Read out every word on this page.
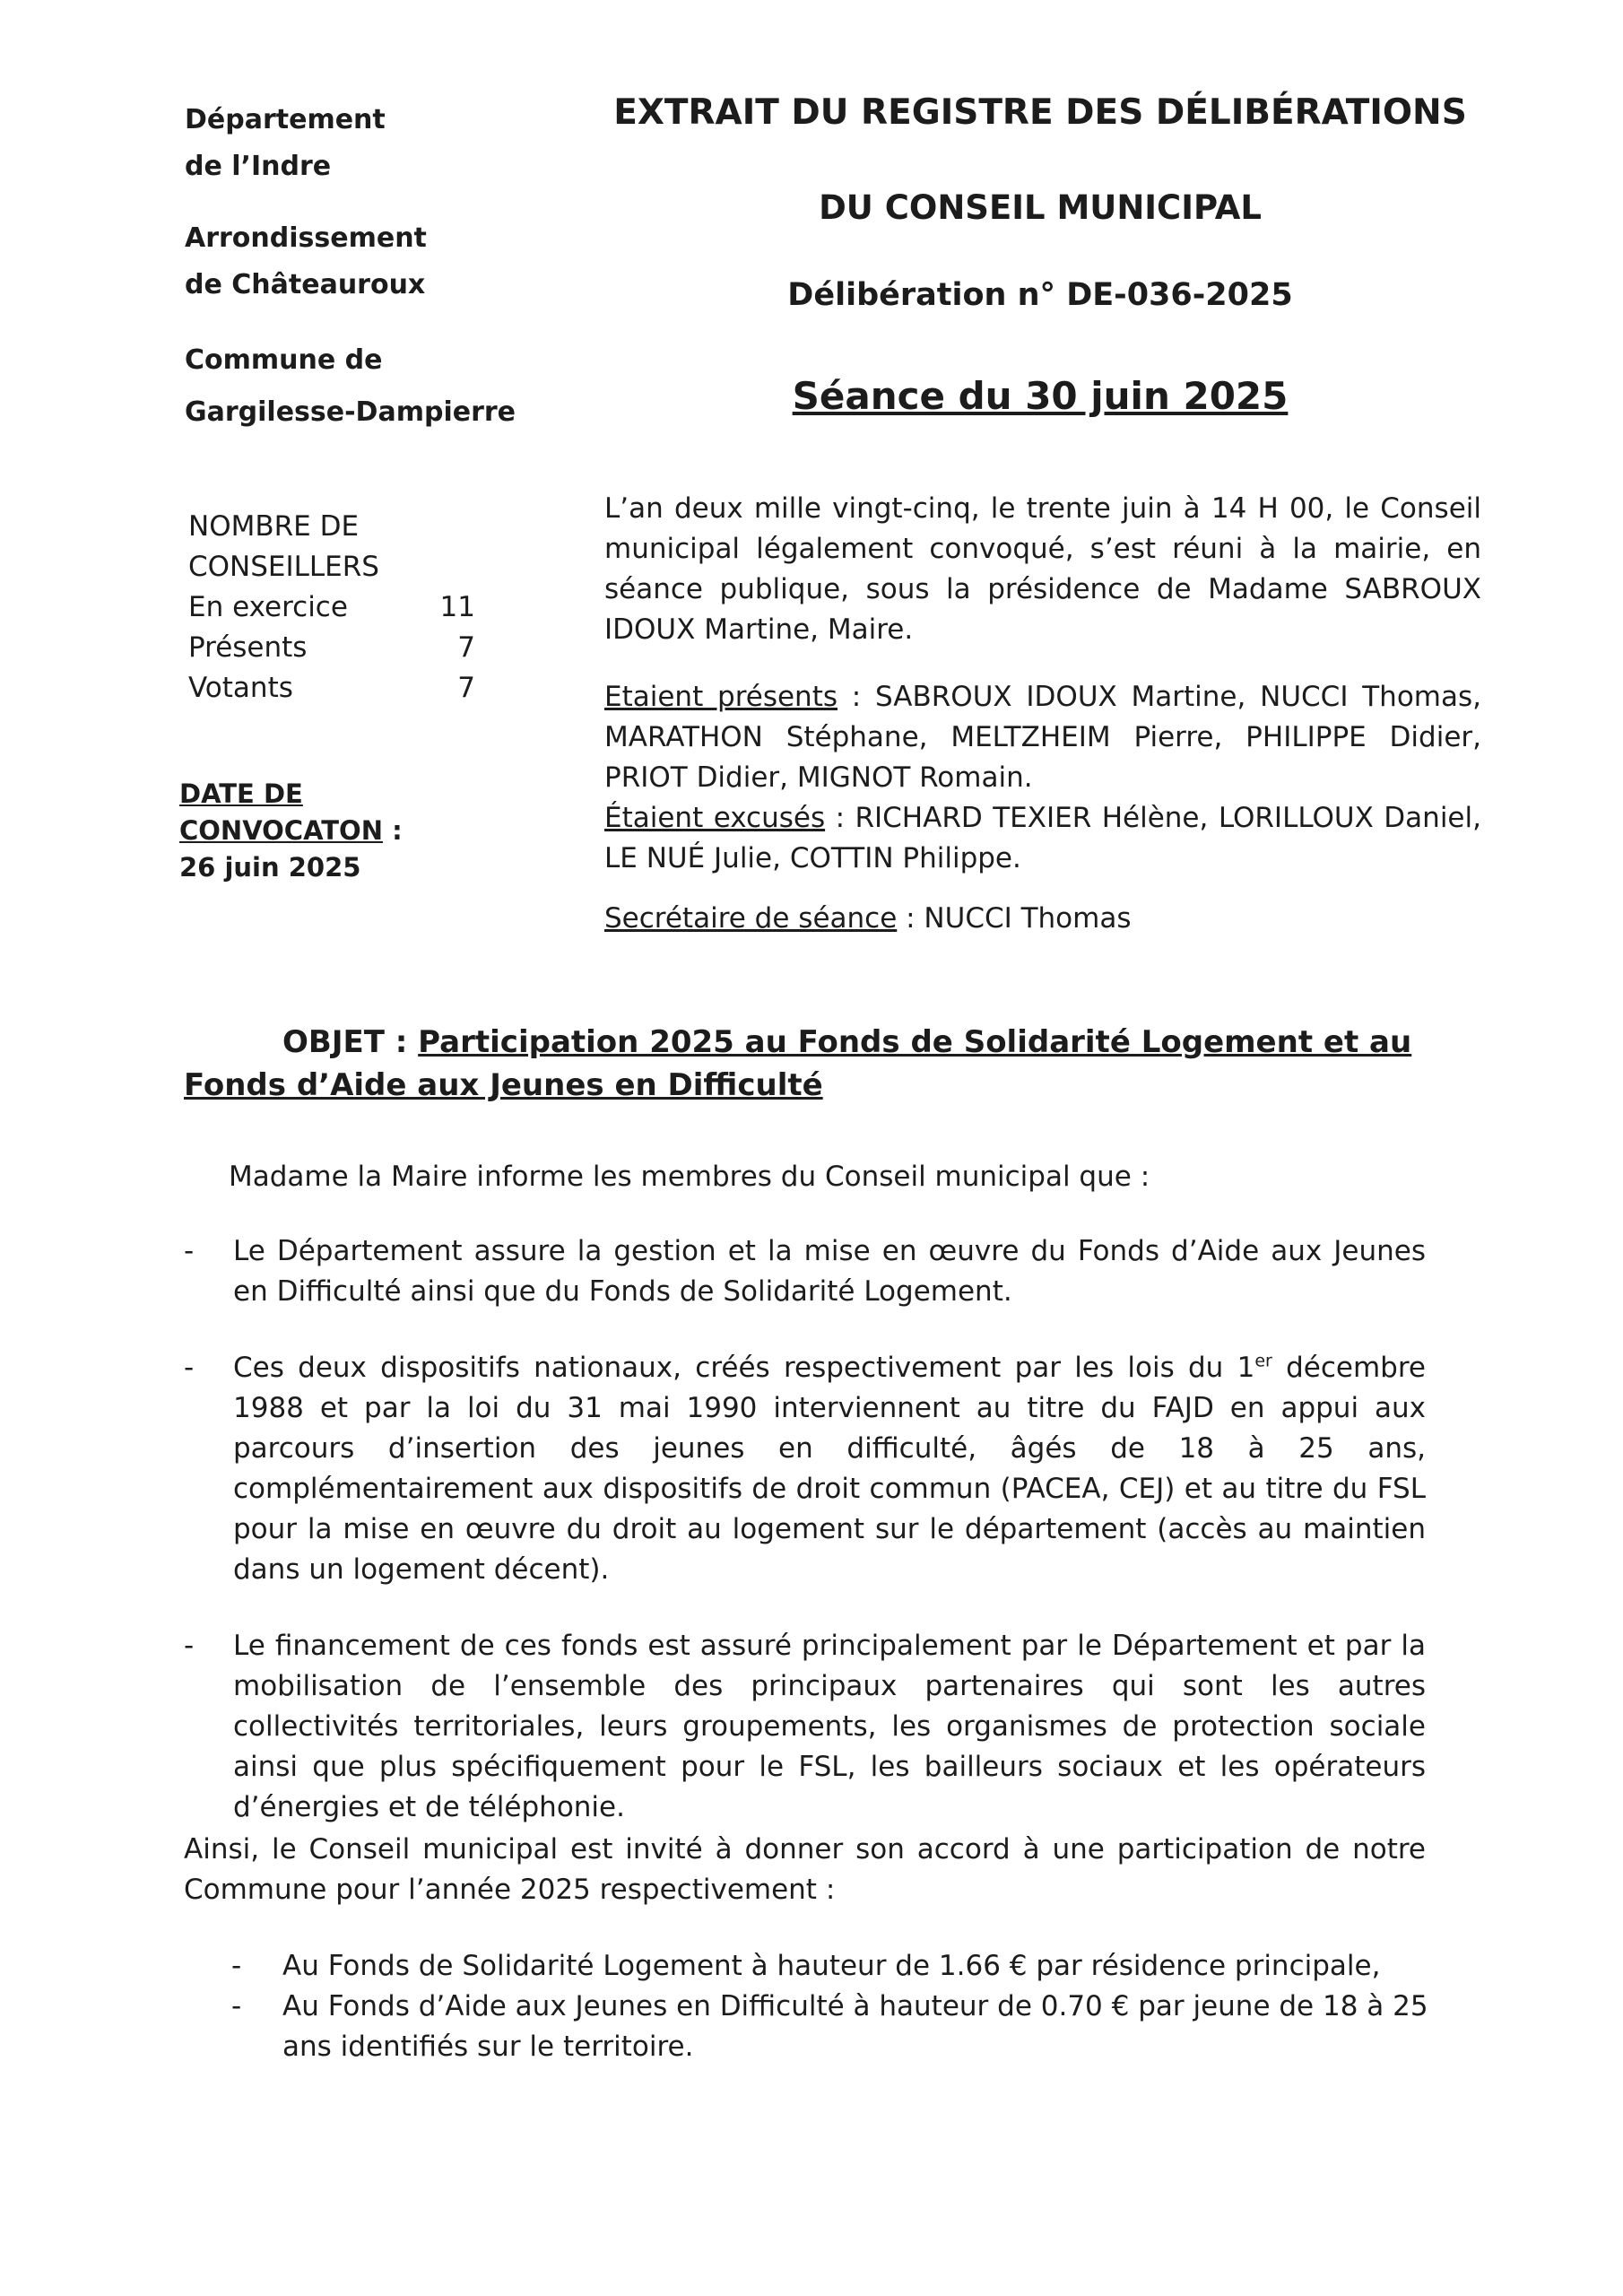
Département
de l’Indre
Arrondissement
de Châteauroux
Commune de
Gargilesse-Dampierre
EXTRAIT DU REGISTRE DES DÉLIBÉRATIONS
DU CONSEIL MUNICIPAL
Délibération n° DE-036-2025
Séance du 30 juin 2025
NOMBRE DE
CONSEILLERS
En exercice	11
Présents	7
Votants	7
DATE DE
CONVOCATON :
26 juin 2025

L’an deux mille vingt-cinq, le trente juin à 14 H 00, le Conseil municipal légalement convoqué, s’est réuni à la mairie, en séance publique, sous la présidence de Madame SABROUX IDOUX Martine, Maire.

Etaient présents : SABROUX IDOUX Martine, NUCCI Thomas, MARATHON Stéphane, MELTZHEIM Pierre, PHILIPPE Didier, PRIOT Didier, MIGNOT Romain.

Étaient excusés : RICHARD TEXIER Hélène, LORILLOUX Daniel, LE NUÉ Julie, COTTIN Philippe.

Secrétaire de séance : NUCCI Thomas

OBJET : Participation 2025 au Fonds de Solidarité Logement et au Fonds d’Aide aux Jeunes en Difficulté

Madame la Maire informe les membres du Conseil municipal que :

-	Le Département assure la gestion et la mise en œuvre du Fonds d’Aide aux Jeunes en Difficulté ainsi que du Fonds de Solidarité Logement.
-	Ces deux dispositifs nationaux, créés respectivement par les lois du 1er décembre 1988 et par la loi du 31 mai 1990 interviennent au titre du FAJD en appui aux parcours d’insertion des jeunes en difficulté, âgés de 18 à 25 ans, complémentairement aux dispositifs de droit commun (PACEA, CEJ) et au titre du FSL pour la mise en œuvre du droit au logement sur le département (accès au maintien dans un logement décent).
-	Le financement de ces fonds est assuré principalement par le Département et par la mobilisation de l’ensemble des principaux partenaires qui sont les autres collectivités territoriales, leurs groupements, les organismes de protection sociale ainsi que plus spécifiquement pour le FSL, les bailleurs sociaux et les opérateurs d’énergies et de téléphonie.
Ainsi, le Conseil municipal est invité à donner son accord à une participation de notre Commune pour l’année 2025 respectivement :
-	Au Fonds de Solidarité Logement à hauteur de 1.66 € par résidence principale,
-	Au Fonds d’Aide aux Jeunes en Difficulté à hauteur de 0.70 € par jeune de 18 à 25 ans identifiés sur le territoire.
